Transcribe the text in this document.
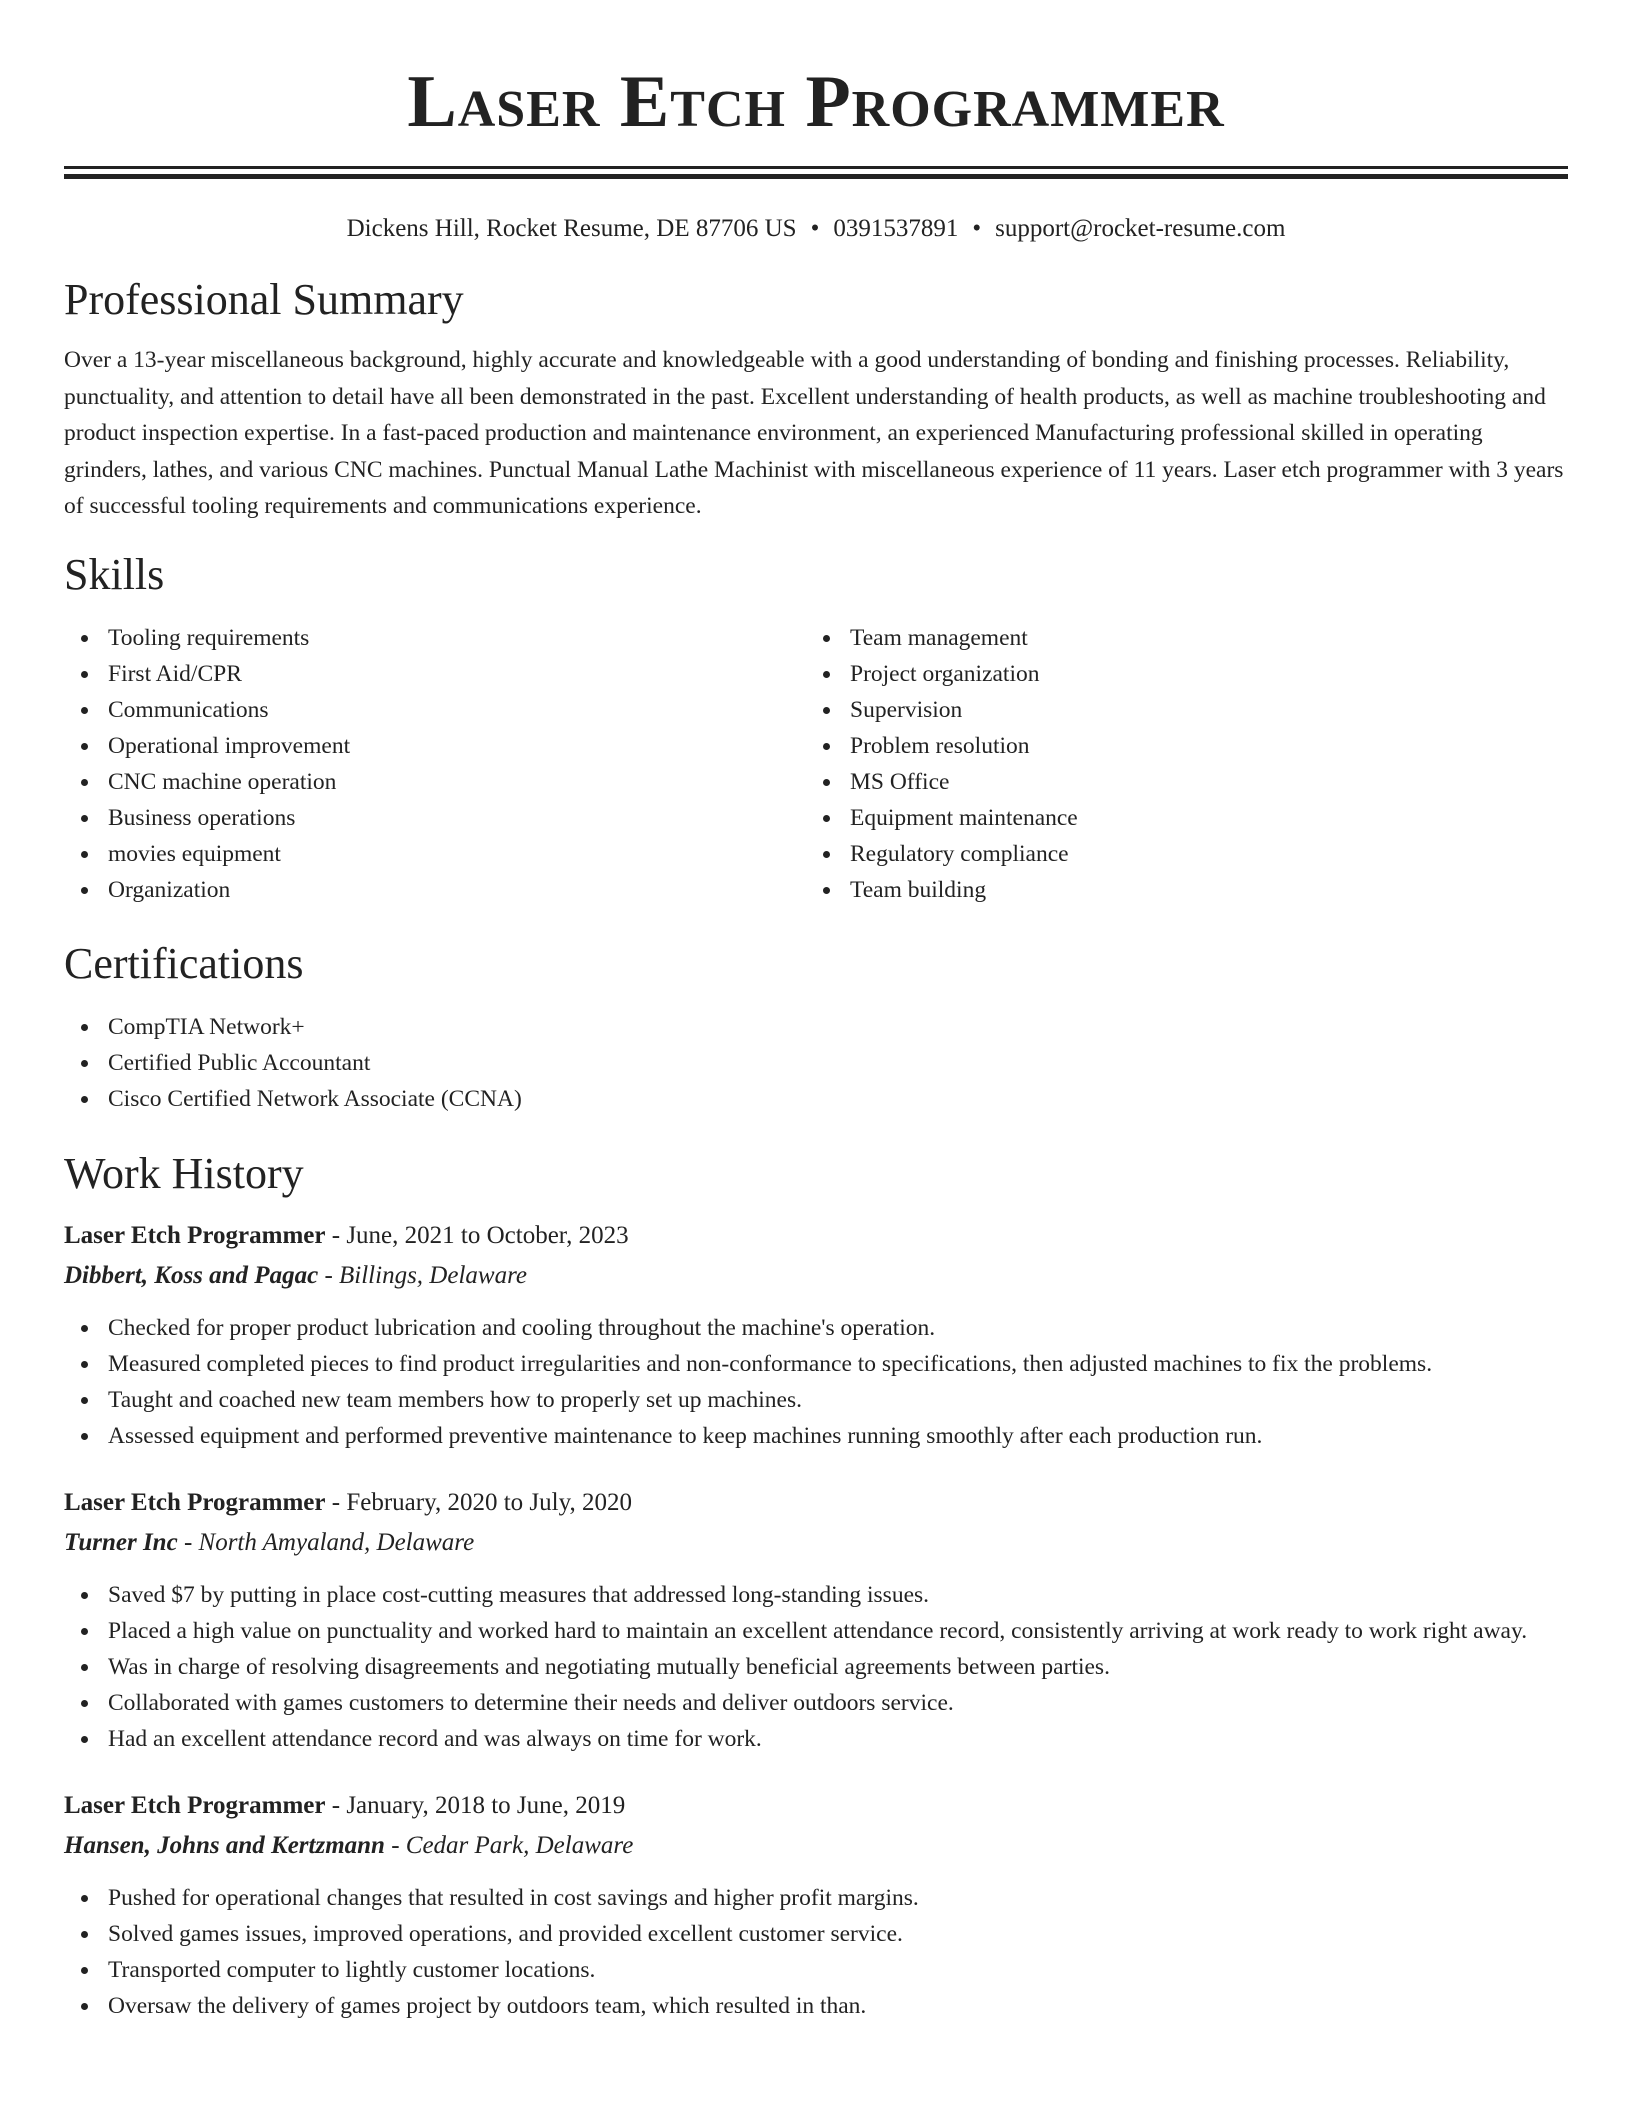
Laser Etch Programmer
Dickens Hill, Rocket Resume, DE 87706 US • 0391537891 • support@rocket-resume.com
Professional Summary

Over a 13-year miscellaneous background, highly accurate and knowledgeable with a good understanding of bonding and finishing processes. Reliability, punctuality, and attention to detail have all been demonstrated in the past. Excellent understanding of health products, as well as machine troubleshooting and product inspection expertise. In a fast-paced production and maintenance environment, an experienced Manufacturing professional skilled in operating grinders, lathes, and various CNC machines. Punctual Manual Lathe Machinist with miscellaneous experience of 11 years. Laser etch programmer with 3 years of successful tooling requirements and communications experience.

Skills
Tooling requirements
First Aid/CPR
Communications
Operational improvement
CNC machine operation
Business operations
movies equipment
Organization
Team management
Project organization
Supervision
Problem resolution
MS Office
Equipment maintenance
Regulatory compliance
Team building
Certifications
CompTIA Network+
Certified Public Accountant
Cisco Certified Network Associate (CCNA)
Work History
Laser Etch Programmer - June, 2021 to October, 2023
Dibbert, Koss and Pagac - Billings, Delaware
Checked for proper product lubrication and cooling throughout the machine's operation.
Measured completed pieces to find product irregularities and non-conformance to specifications, then adjusted machines to fix the problems.
Taught and coached new team members how to properly set up machines.
Assessed equipment and performed preventive maintenance to keep machines running smoothly after each production run.
Laser Etch Programmer - February, 2020 to July, 2020
Turner Inc - North Amyaland, Delaware
Saved $7 by putting in place cost-cutting measures that addressed long-standing issues.
Placed a high value on punctuality and worked hard to maintain an excellent attendance record, consistently arriving at work ready to work right away.
Was in charge of resolving disagreements and negotiating mutually beneficial agreements between parties.
Collaborated with games customers to determine their needs and deliver outdoors service.
Had an excellent attendance record and was always on time for work.
Laser Etch Programmer - January, 2018 to June, 2019
Hansen, Johns and Kertzmann - Cedar Park, Delaware
Pushed for operational changes that resulted in cost savings and higher profit margins.
Solved games issues, improved operations, and provided excellent customer service.
Transported computer to lightly customer locations.
Oversaw the delivery of games project by outdoors team, which resulted in than.
